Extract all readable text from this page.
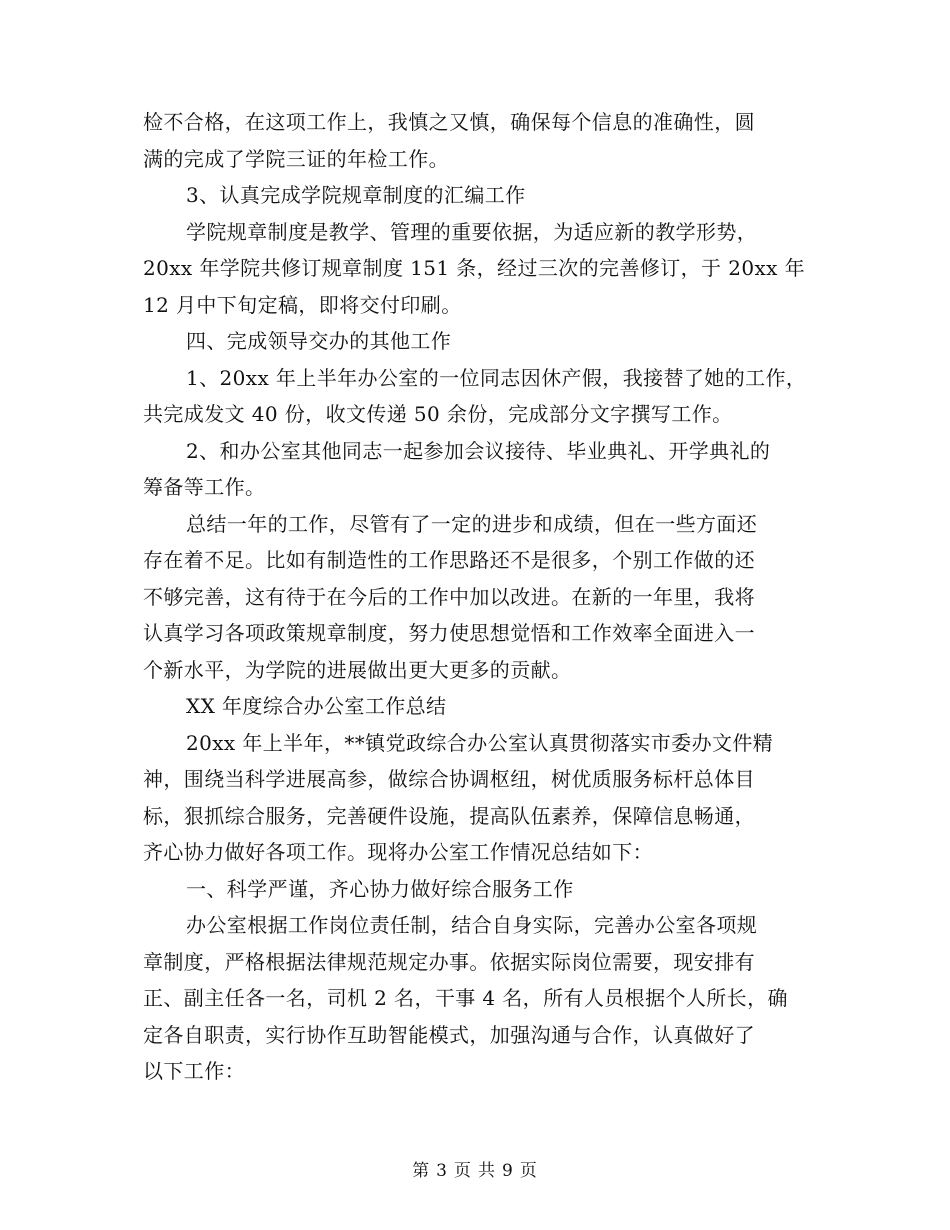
检不合格，在这项工作上，我慎之又慎，确保每个信息的准确性，圆
满的完成了学院三证的年检工作。
3、认真完成学院规章制度的汇编工作
学院规章制度是教学、管理的重要依据，为适应新的教学形势，
20xx 年学院共修订规章制度 151 条，经过三次的完善修订，于 20xx 年
12 月中下旬定稿，即将交付印刷。
四、完成领导交办的其他工作
1、20xx 年上半年办公室的一位同志因休产假，我接替了她的工作，
共完成发文 40 份，收文传递 50 余份，完成部分文字撰写工作。
2、和办公室其他同志一起参加会议接待、毕业典礼、开学典礼的
筹备等工作。
总结一年的工作，尽管有了一定的进步和成绩，但在一些方面还
存在着不足。比如有制造性的工作思路还不是很多，个别工作做的还
不够完善，这有待于在今后的工作中加以改进。在新的一年里，我将
认真学习各项政策规章制度，努力使思想觉悟和工作效率全面进入一
个新水平，为学院的进展做出更大更多的贡献。
XX 年度综合办公室工作总结
20xx 年上半年，**镇党政综合办公室认真贯彻落实市委办文件精
神，围绕当科学进展高参，做综合协调枢纽，树优质服务标杆总体目
标，狠抓综合服务，完善硬件设施，提高队伍素养，保障信息畅通，
齐心协力做好各项工作。现将办公室工作情况总结如下：
一、科学严谨，齐心协力做好综合服务工作
办公室根据工作岗位责任制，结合自身实际，完善办公室各项规
章制度，严格根据法律规范规定办事。依据实际岗位需要，现安排有
正、副主任各一名，司机 2 名，干事 4 名，所有人员根据个人所长，确
定各自职责，实行协作互助智能模式，加强沟通与合作，认真做好了
以下工作：
第 3 页 共 9 页
